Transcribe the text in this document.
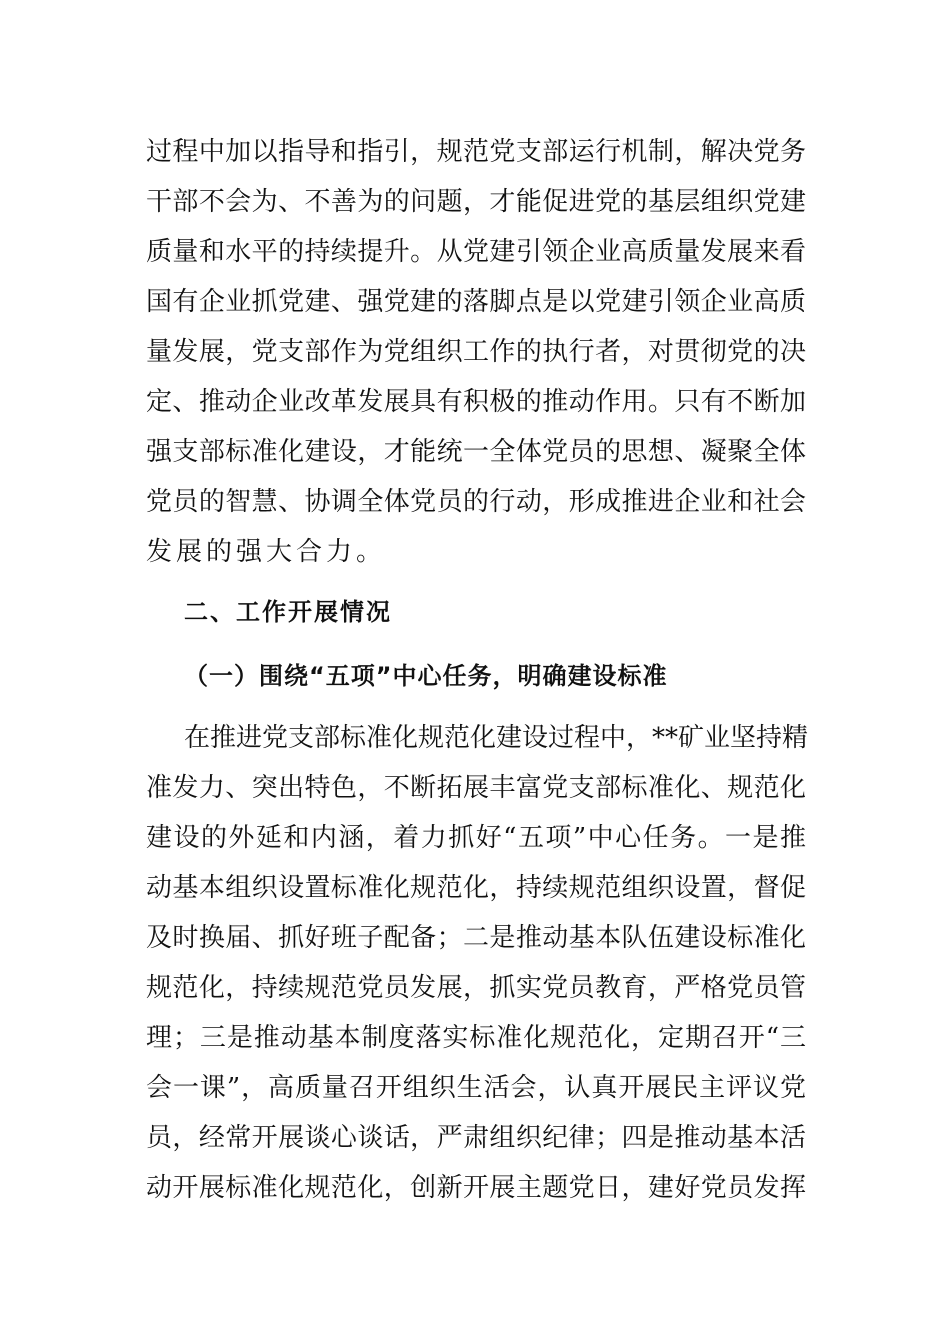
过程中加以指导和指引，规范党支部运行机制，解决党务
干部不会为、不善为的问题，才能促进党的基层组织党建
质量和水平的持续提升。从党建引领企业高质量发展来看
国有企业抓党建、强党建的落脚点是以党建引领企业高质
量发展，党支部作为党组织工作的执行者，对贯彻党的决
定、推动企业改革发展具有积极的推动作用。只有不断加
强支部标准化建设，才能统一全体党员的思想、凝聚全体
党员的智慧、协调全体党员的行动，形成推进企业和社会
发展的强大合力。
二、工作开展情况
（一）围绕“五项”中心任务，明确建设标准
在推进党支部标准化规范化建设过程中，**矿业坚持精
准发力、突出特色，不断拓展丰富党支部标准化、规范化
建设的外延和内涵，着力抓好“五项”中心任务。一是推
动基本组织设置标准化规范化，持续规范组织设置，督促
及时换届、抓好班子配备；二是推动基本队伍建设标准化
规范化，持续规范党员发展，抓实党员教育，严格党员管
理；三是推动基本制度落实标准化规范化，定期召开“三
会一课”，高质量召开组织生活会，认真开展民主评议党
员，经常开展谈心谈话，严肃组织纪律；四是推动基本活
动开展标准化规范化，创新开展主题党日，建好党员发挥
